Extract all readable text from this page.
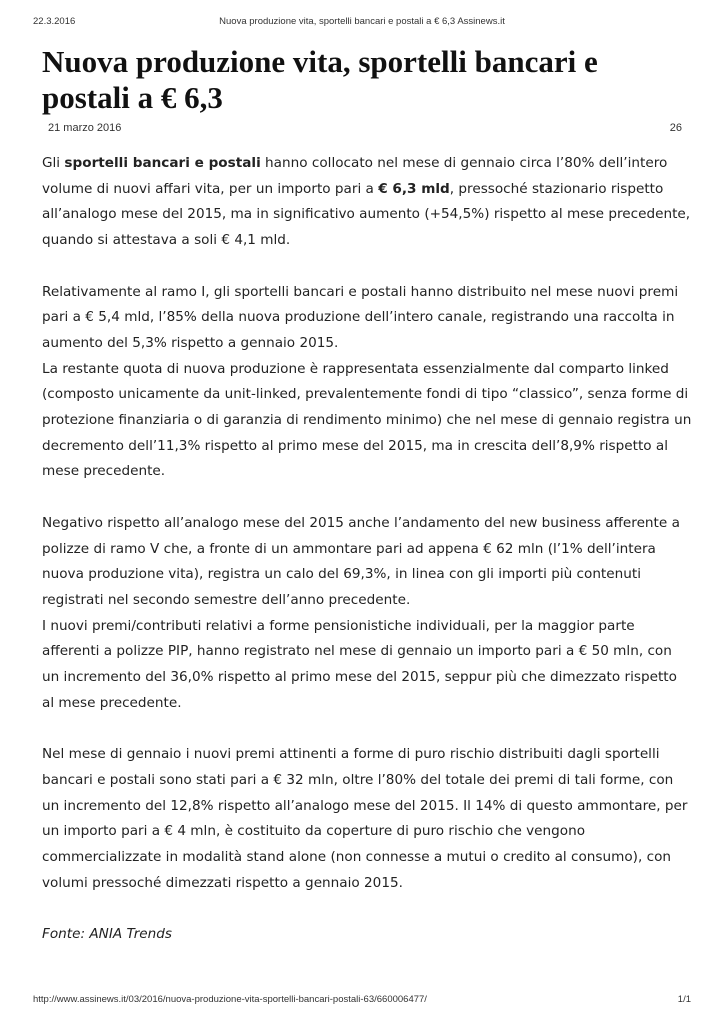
22.3.2016	Nuova produzione vita, sportelli bancari e postali a € 6,3 Assinews.it
Nuova produzione vita, sportelli bancari e postali a € 6,3
21 marzo 2016	26

Gli sportelli bancari e postali hanno collocato nel mese di gennaio circa l’80% dell’intero volume di nuovi affari vita, per un importo pari a € 6,3 mld, pressoché stazionario rispetto all’analogo mese del 2015, ma in significativo aumento (+54,5%) rispetto al mese precedente, quando si attestava a soli € 4,1 mld.

Relativamente al ramo I, gli sportelli bancari e postali hanno distribuito nel mese nuovi premi pari a € 5,4 mld, l’85% della nuova produzione dell’intero canale, registrando una raccolta in aumento del 5,3% rispetto a gennaio 2015.

La restante quota di nuova produzione è rappresentata essenzialmente dal comparto linked (composto unicamente da unit-linked, prevalentemente fondi di tipo “classico”, senza forme di protezione finanziaria o di garanzia di rendimento minimo) che nel mese di gennaio registra un decremento dell’11,3% rispetto al primo mese del 2015, ma in crescita dell’8,9% rispetto al mese precedente.

Negativo rispetto all’analogo mese del 2015 anche l’andamento del new business afferente a polizze di ramo V che, a fronte di un ammontare pari ad appena € 62 mln (l’1% dell’intera nuova produzione vita), registra un calo del 69,3%, in linea con gli importi più contenuti registrati nel secondo semestre dell’anno precedente.

I nuovi premi/contributi relativi a forme pensionistiche individuali, per la maggior parte afferenti a polizze PIP, hanno registrato nel mese di gennaio un importo pari a € 50 mln, con un incremento del 36,0% rispetto al primo mese del 2015, seppur più che dimezzato rispetto al mese precedente.

Nel mese di gennaio i nuovi premi attinenti a forme di puro rischio distribuiti dagli sportelli bancari e postali sono stati pari a € 32 mln, oltre l’80% del totale dei premi di tali forme, con un incremento del 12,8% rispetto all’analogo mese del 2015. Il 14% di questo ammontare, per un importo pari a € 4 mln, è costituito da coperture di puro rischio che vengono commercializzate in modalità stand alone (non connesse a mutui o credito al consumo), con volumi pressoché dimezzati rispetto a gennaio 2015.

Fonte: ANIA Trends

http://www.assinews.it/03/2016/nuova-produzione-vita-sportelli-bancari-postali-63/660006477/	1/1
